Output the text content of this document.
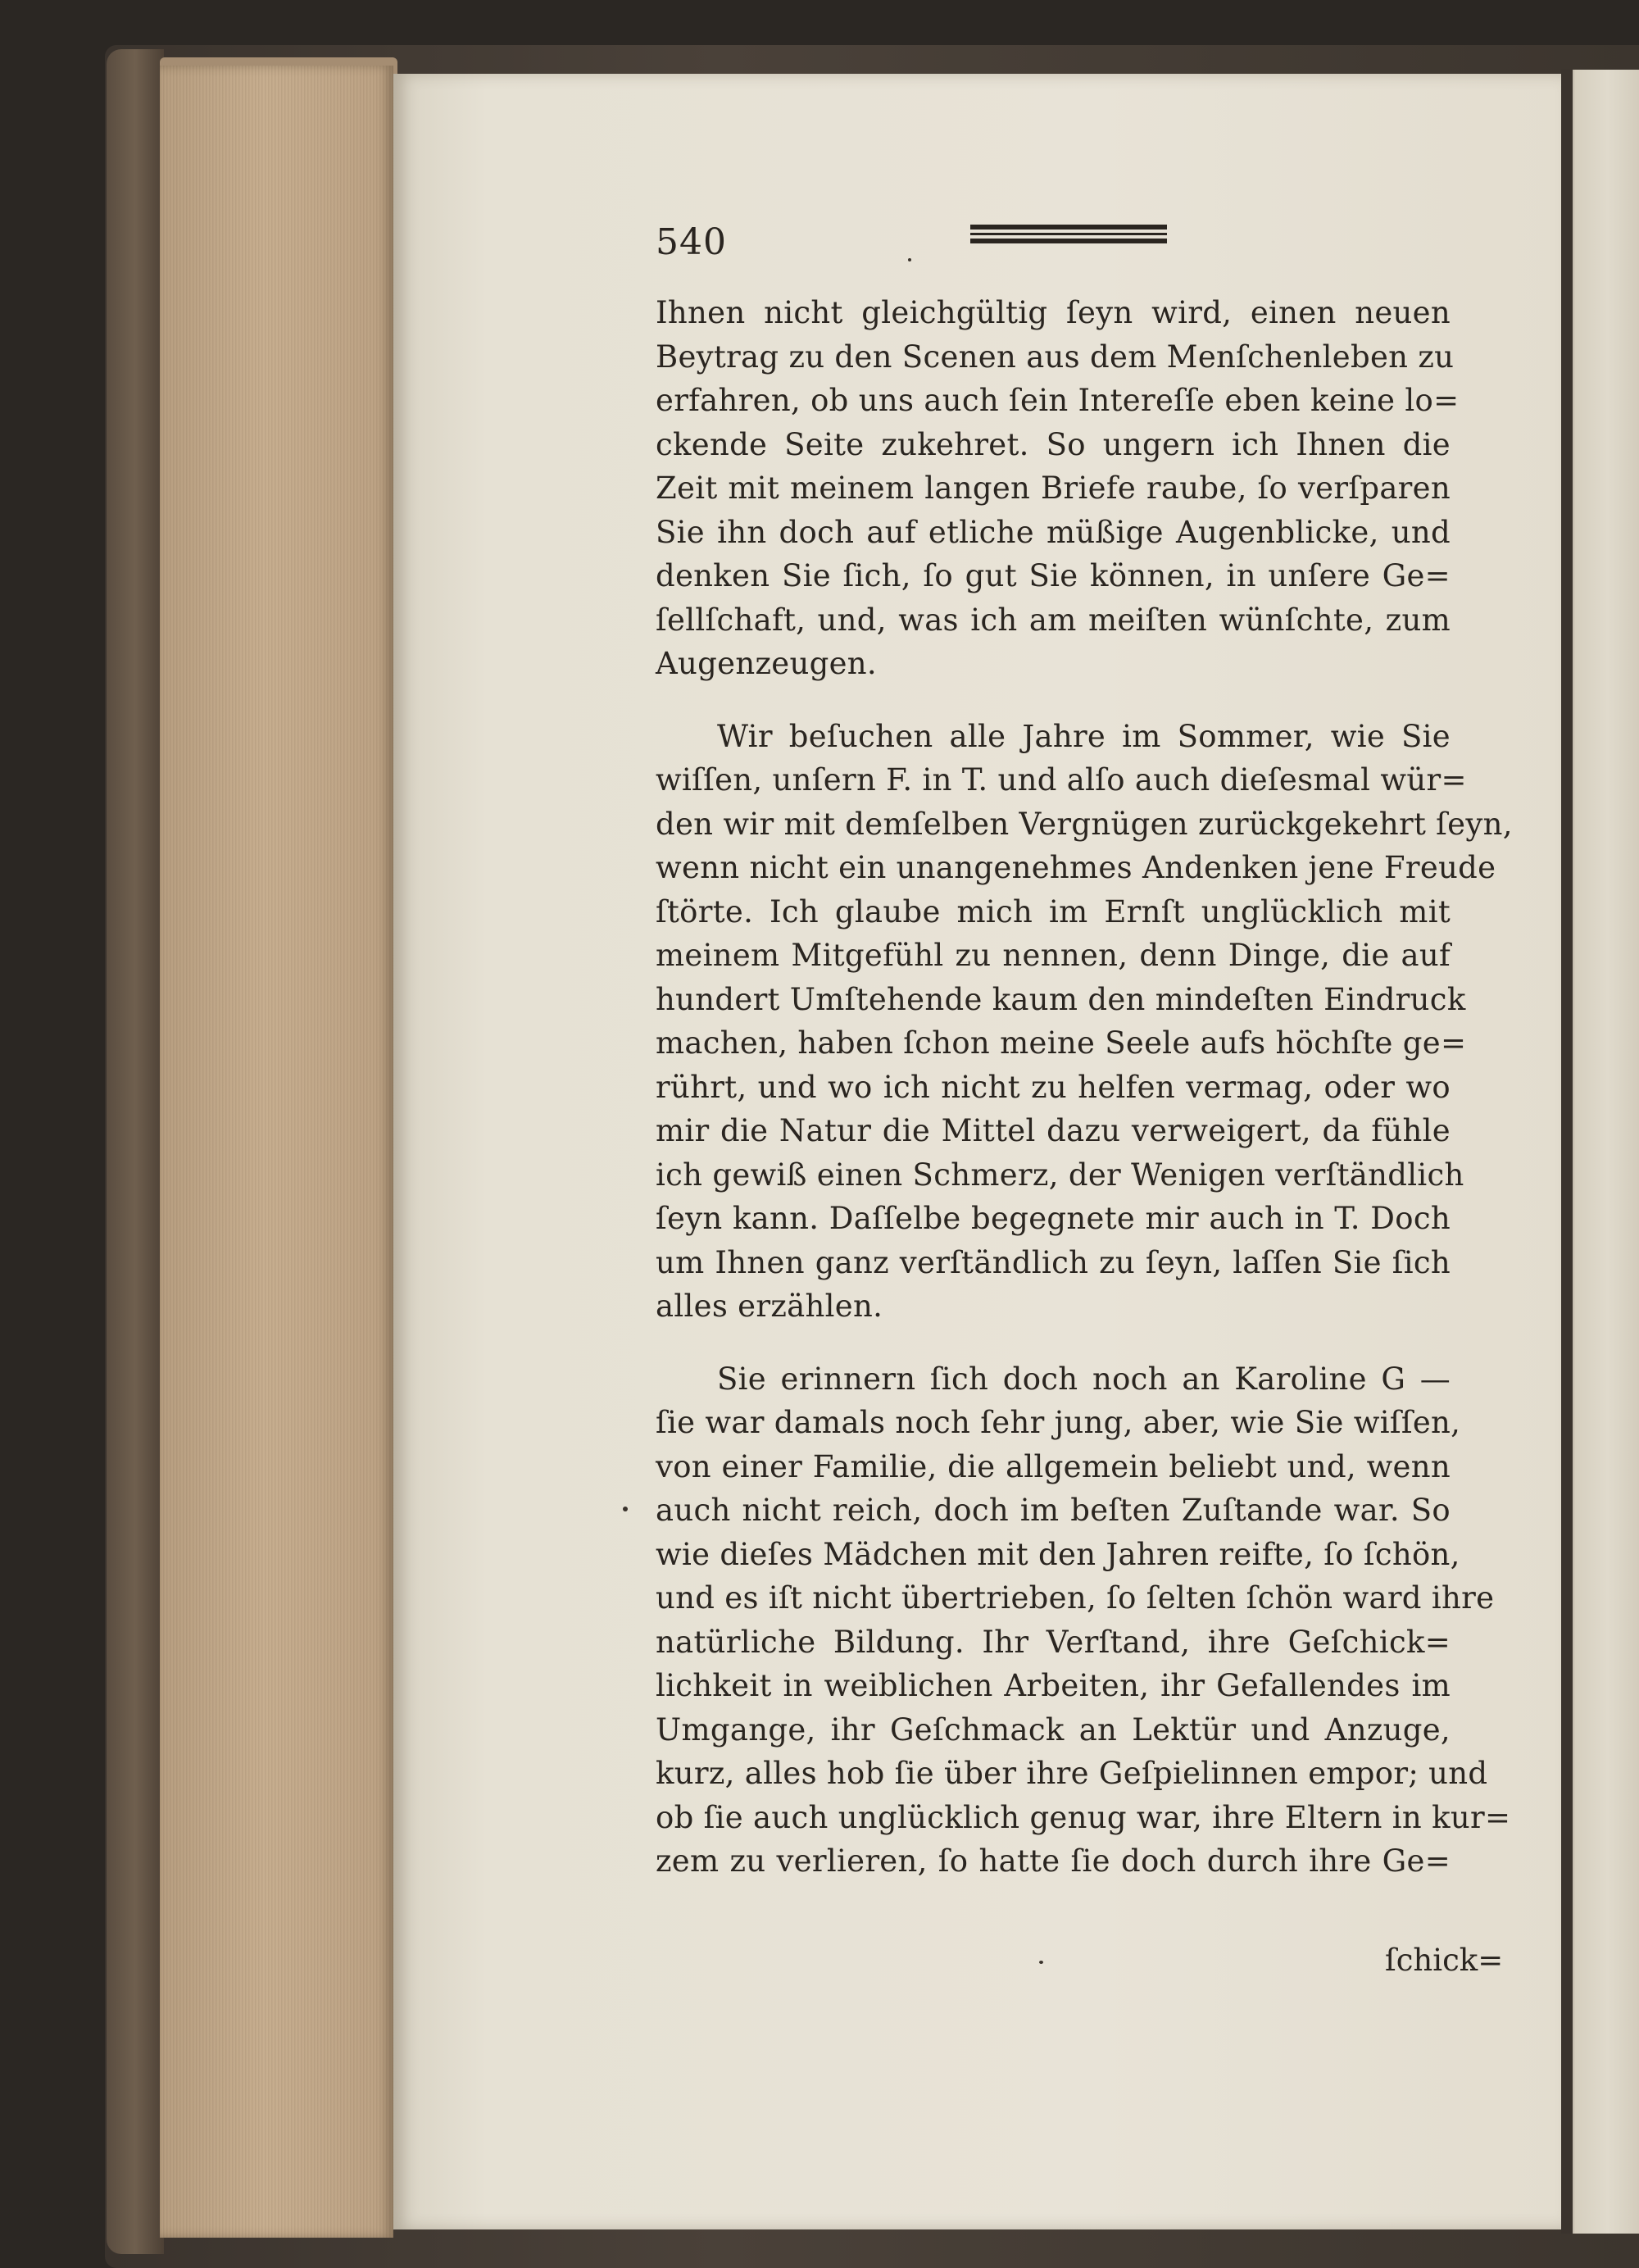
540
Ihnen nicht gleichgültig ſeyn wird, einen neuen
Beytrag zu den Scenen aus dem Menſchenleben zu
erfahren, ob uns auch ſein Intereſſe eben keine lo=
ckende Seite zukehret. So ungern ich Ihnen die
Zeit mit meinem langen Briefe raube, ſo verſparen
Sie ihn doch auf etliche müßige Augenblicke, und
denken Sie ſich, ſo gut Sie können, in unſere Ge=
ſellſchaft, und, was ich am meiſten wünſchte, zum
Augenzeugen.
Wir beſuchen alle Jahre im Sommer, wie Sie
wiſſen, unſern F. in T. und alſo auch dieſesmal wür=
den wir mit demſelben Vergnügen zurückgekehrt ſeyn,
wenn nicht ein unangenehmes Andenken jene Freude
ſtörte. Ich glaube mich im Ernſt unglücklich mit
meinem Mitgefühl zu nennen, denn Dinge, die auf
hundert Umſtehende kaum den mindeſten Eindruck
machen, haben ſchon meine Seele aufs höchſte ge=
rührt, und wo ich nicht zu helfen vermag, oder wo
mir die Natur die Mittel dazu verweigert, da fühle
ich gewiß einen Schmerz, der Wenigen verſtändlich
ſeyn kann. Daſſelbe begegnete mir auch in T. Doch
um Ihnen ganz verſtändlich zu ſeyn, laſſen Sie ſich
alles erzählen.
Sie erinnern ſich doch noch an Karoline G —
ſie war damals noch ſehr jung, aber, wie Sie wiſſen,
von einer Familie, die allgemein beliebt und, wenn
auch nicht reich, doch im beſten Zuſtande war. So
wie dieſes Mädchen mit den Jahren reifte, ſo ſchön,
und es iſt nicht übertrieben, ſo ſelten ſchön ward ihre
natürliche Bildung. Ihr Verſtand, ihre Geſchick=
lichkeit in weiblichen Arbeiten, ihr Gefallendes im
Umgange, ihr Geſchmack an Lektür und Anzuge,
kurz, alles hob ſie über ihre Geſpielinnen empor; und
ob ſie auch unglücklich genug war, ihre Eltern in kur=
zem zu verlieren, ſo hatte ſie doch durch ihre Ge=
ſchick=
